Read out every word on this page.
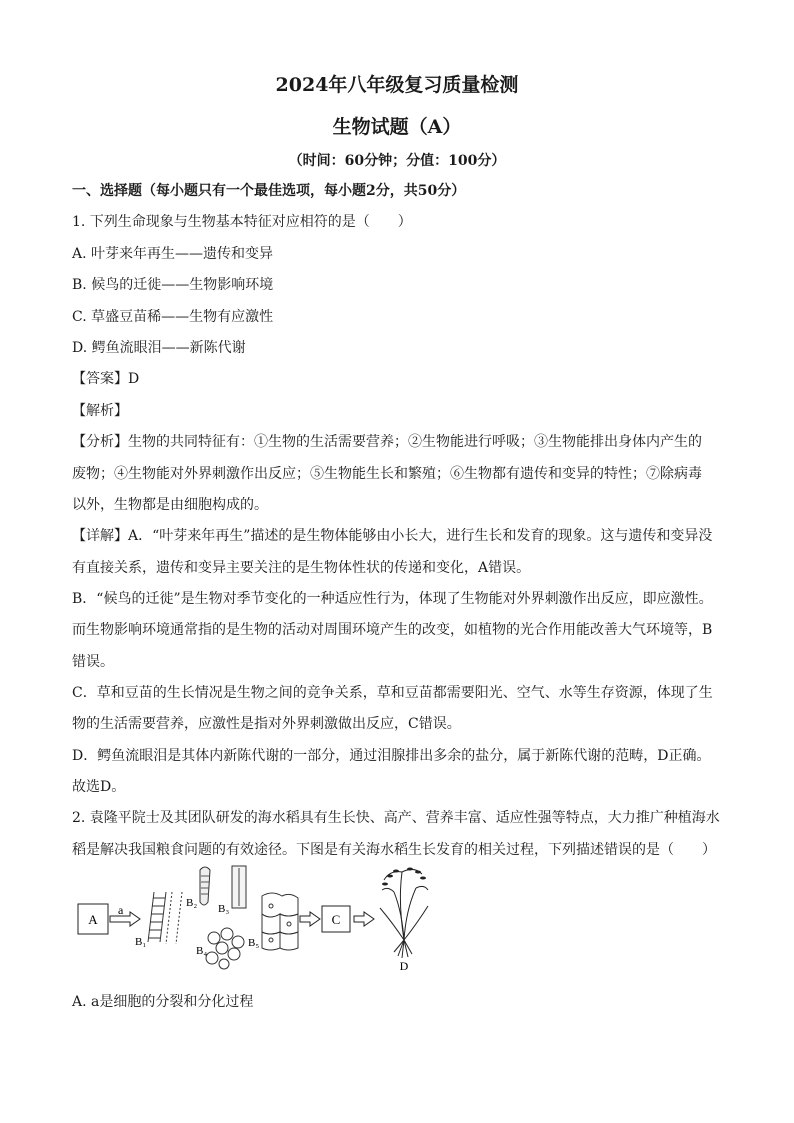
2024年八年级复习质量检测
生物试题（A）
（时间：60分钟；分值：100分）
一、选择题（每小题只有一个最佳选项，每小题2分，共50分）
1. 下列生命现象与生物基本特征对应相符的是（　　）
A. 叶芽来年再生——遗传和变异
B. 候鸟的迁徙——生物影响环境
C. 草盛豆苗稀——生物有应激性
D. 鳄鱼流眼泪——新陈代谢
【答案】D
【解析】
【分析】生物的共同特征有：①生物的生活需要营养；②生物能进行呼吸；③生物能排出身体内产生的
废物；④生物能对外界刺激作出反应；⑤生物能生长和繁殖；⑥生物都有遗传和变异的特性；⑦除病毒
以外，生物都是由细胞构成的。
【详解】A．“叶芽来年再生”描述的是生物体能够由小长大，进行生长和发育的现象。这与遗传和变异没
有直接关系，遗传和变异主要关注的是生物体性状的传递和变化，A错误。
B．“候鸟的迁徙”是生物对季节变化的一种适应性行为，体现了生物能对外界刺激作出反应，即应激性。
而生物影响环境通常指的是生物的活动对周围环境产生的改变，如植物的光合作用能改善大气环境等，B
错误。
C．草和豆苗的生长情况是生物之间的竞争关系，草和豆苗都需要阳光、空气、水等生存资源，体现了生
物的生活需要营养，应激性是指对外界刺激做出反应，C错误。
D．鳄鱼流眼泪是其体内新陈代谢的一部分，通过泪腺排出多余的盐分，属于新陈代谢的范畴，D正确。
故选D。
2. 袁隆平院士及其团队研发的海水稻具有生长快、高产、营养丰富、适应性强等特点，大力推广种植海水
稻是解决我国粮食问题的有效途径。下图是有关海水稻生长发育的相关过程，下列描述错误的是（　　）
A
a
B₁
B₂ B₃
B₄
B₅
C
D
A. a是细胞的分裂和分化过程
